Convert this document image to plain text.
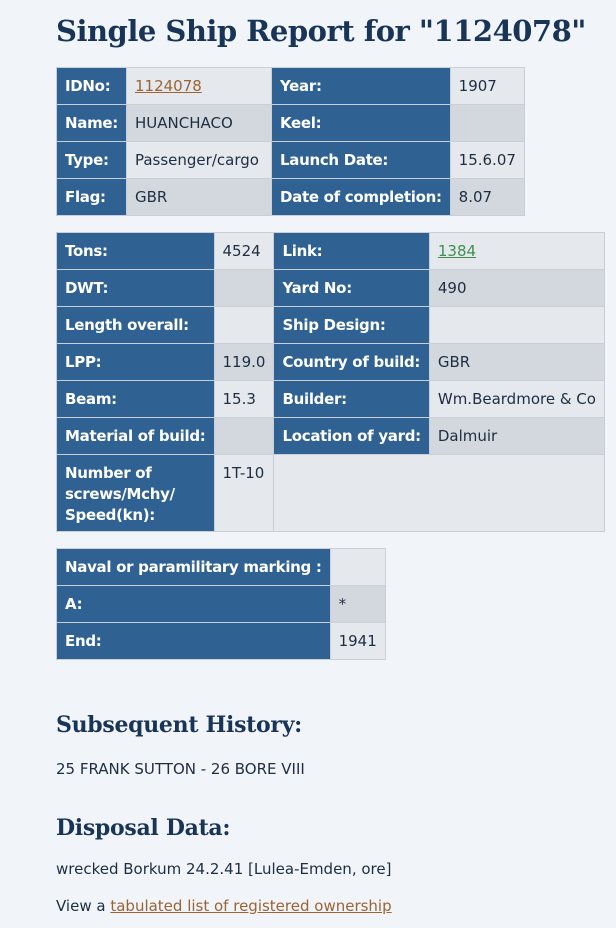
Single Ship Report for "1124078"
IDNo:	1124078	Year:	1907
Name:	HUANCHACO	Keel:	
Type:	Passenger/cargo	Launch Date:	15.6.07
Flag:	GBR	Date of completion:	8.07
Tons:	4524	Link:	1384
DWT:		Yard No:	490
Length overall:		Ship Design:	
LPP:	119.0	Country of build:	GBR
Beam:	15.3	Builder:	Wm.Beardmore & Co
Material of build:		Location of yard:	Dalmuir
Number of screws/Mchy/ Speed(kn):	1T-10		
Naval or paramilitary marking :	
A:	*
End:	1941
Subsequent History:

25 FRANK SUTTON - 26 BORE VIII

Disposal Data:

wrecked Borkum 24.2.41 [Lulea-Emden, ore]

View a tabulated list of registered ownership
